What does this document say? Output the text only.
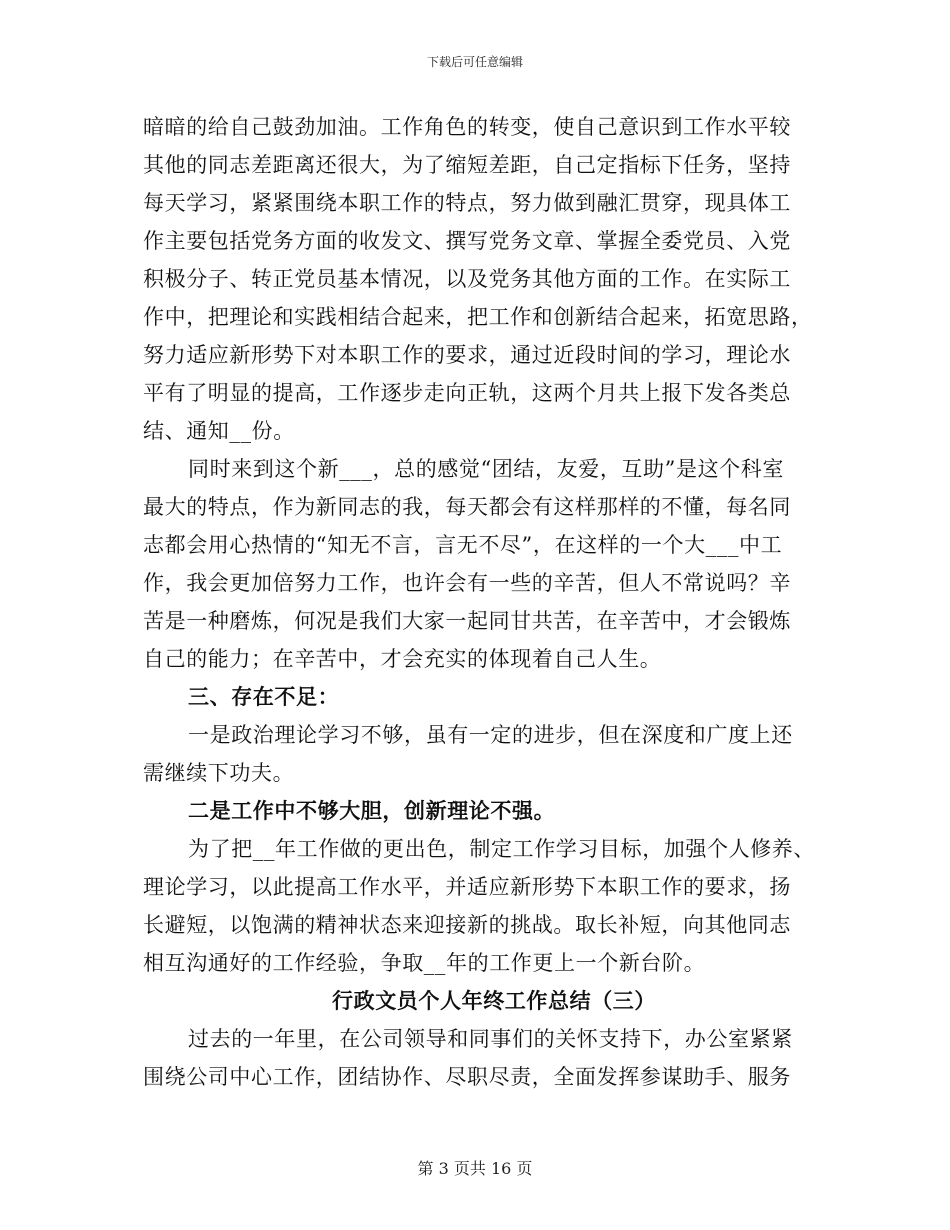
下载后可任意编辑
暗暗的给自己鼓劲加油。工作角色的转变，使自己意识到工作水平较
其他的同志差距离还很大，为了缩短差距，自己定指标下任务，坚持
每天学习，紧紧围绕本职工作的特点，努力做到融汇贯穿，现具体工
作主要包括党务方面的收发文、撰写党务文章、掌握全委党员、入党
积极分子、转正党员基本情况，以及党务其他方面的工作。在实际工
作中，把理论和实践相结合起来，把工作和创新结合起来，拓宽思路，
努力适应新形势下对本职工作的要求，通过近段时间的学习，理论水
平有了明显的提高，工作逐步走向正轨，这两个月共上报下发各类总
结、通知__份。
同时来到这个新___，总的感觉“团结，友爱，互助”是这个科室
最大的特点，作为新同志的我，每天都会有这样那样的不懂，每名同
志都会用心热情的“知无不言，言无不尽”，在这样的一个大___中工
作，我会更加倍努力工作，也许会有一些的辛苦，但人不常说吗？辛
苦是一种磨炼，何况是我们大家一起同甘共苦，在辛苦中，才会锻炼
自己的能力；在辛苦中，才会充实的体现着自己人生。
三、存在不足：
一是政治理论学习不够，虽有一定的进步，但在深度和广度上还
需继续下功夫。
二是工作中不够大胆，创新理论不强。
为了把__年工作做的更出色，制定工作学习目标，加强个人修养、
理论学习，以此提高工作水平，并适应新形势下本职工作的要求，扬
长避短，以饱满的精神状态来迎接新的挑战。取长补短，向其他同志
相互沟通好的工作经验，争取__年的工作更上一个新台阶。
行政文员个人年终工作总结（三）
过去的一年里，在公司领导和同事们的关怀支持下，办公室紧紧
围绕公司中心工作，团结协作、尽职尽责，全面发挥参谋助手、服务
第 3 页共 16 页
